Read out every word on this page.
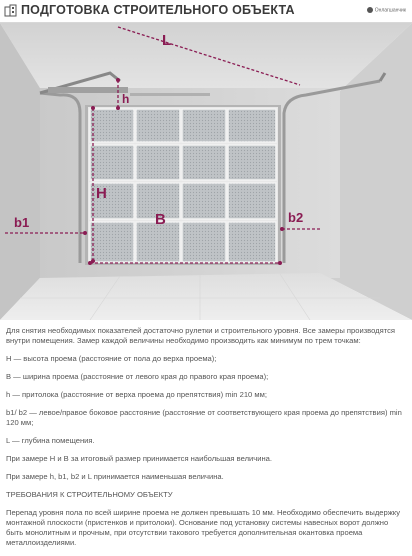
ПОДГОТОВКА СТРОИТЕЛЬНОГО ОБЪЕКТА	Онлагшанчик
L
h
H
B
b1	b2

Для снятия необходимых показателей достаточно рулетки и строительного уровня. Все замеры производятся внутри помещения. Замер каждой величины необходимо производить как минимум по трем точкам:

H — высота проема (расстояние от пола до верха проема);

B — ширина проема (расстояние от левого края до правого края проема);

h — притолока (расстояние от верха проема до препятствия) min 210 мм;

b1/ b2 — левое/правое боковое расстояние (расстояние от соответствующего края проема до препятствия) min 120 мм;

L — глубина помещения.

При замере H и B за итоговый размер принимается наибольшая величина.

При замере h, b1, b2 и L принимается наименьшая величина.

ТРЕБОВАНИЯ К СТРОИТЕЛЬНОМУ ОБЪЕКТУ

Перепад уровня пола по всей ширине проема не должен превышать 10 мм. Необходимо обеспечить выдержку монтажной плоскости (пристенков и притолоки). Основание под установку системы навесных ворот должно быть монолитным и прочным, при отсутствии такового требуется дополнительная окантовка проема металлоизделиями.
